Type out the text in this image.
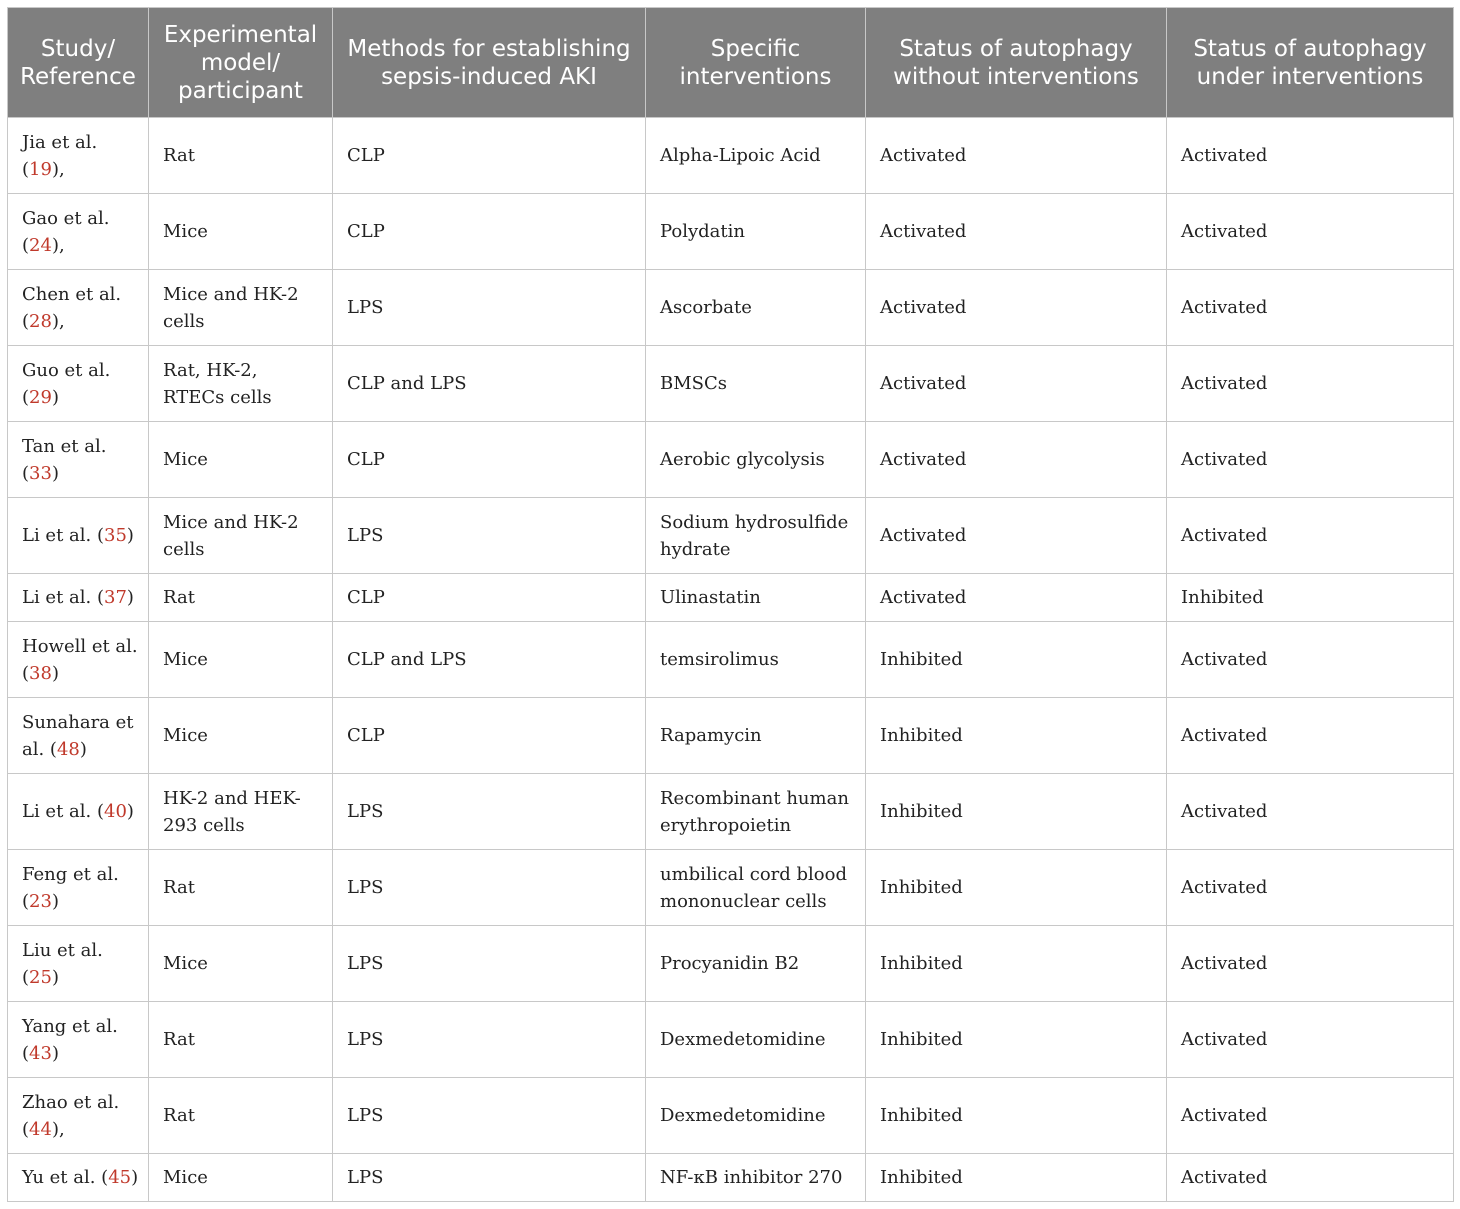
Study/ Reference	Experimental model/ participant	Methods for establishing sepsis-induced AKI	Specific interventions	Status of autophagy without interventions	Status of autophagy under interventions
Jia et al. (19),	Rat	CLP	Alpha-Lipoic Acid	Activated	Activated
Gao et al. (24),	Mice	CLP	Polydatin	Activated	Activated
Chen et al. (28),	Mice and HK-2 cells	LPS	Ascorbate	Activated	Activated
Guo et al. (29)	Rat, HK-2, RTECs cells	CLP and LPS	BMSCs	Activated	Activated
Tan et al. (33)	Mice	CLP	Aerobic glycolysis	Activated	Activated
Li et al. (35)	Mice and HK-2 cells	LPS	Sodium hydrosulfide hydrate	Activated	Activated
Li et al. (37)	Rat	CLP	Ulinastatin	Activated	Inhibited
Howell et al. (38)	Mice	CLP and LPS	temsirolimus	Inhibited	Activated
Sunahara et al. (48)	Mice	CLP	Rapamycin	Inhibited	Activated
Li et al. (40)	HK-2 and HEK-293 cells	LPS	Recombinant human erythropoietin	Inhibited	Activated
Feng et al. (23)	Rat	LPS	umbilical cord blood mononuclear cells	Inhibited	Activated
Liu et al. (25)	Mice	LPS	Procyanidin B2	Inhibited	Activated
Yang et al. (43)	Rat	LPS	Dexmedetomidine	Inhibited	Activated
Zhao et al. (44),	Rat	LPS	Dexmedetomidine	Inhibited	Activated
Yu et al. (45)	Mice	LPS	NF-κB inhibitor 270	Inhibited	Activated
